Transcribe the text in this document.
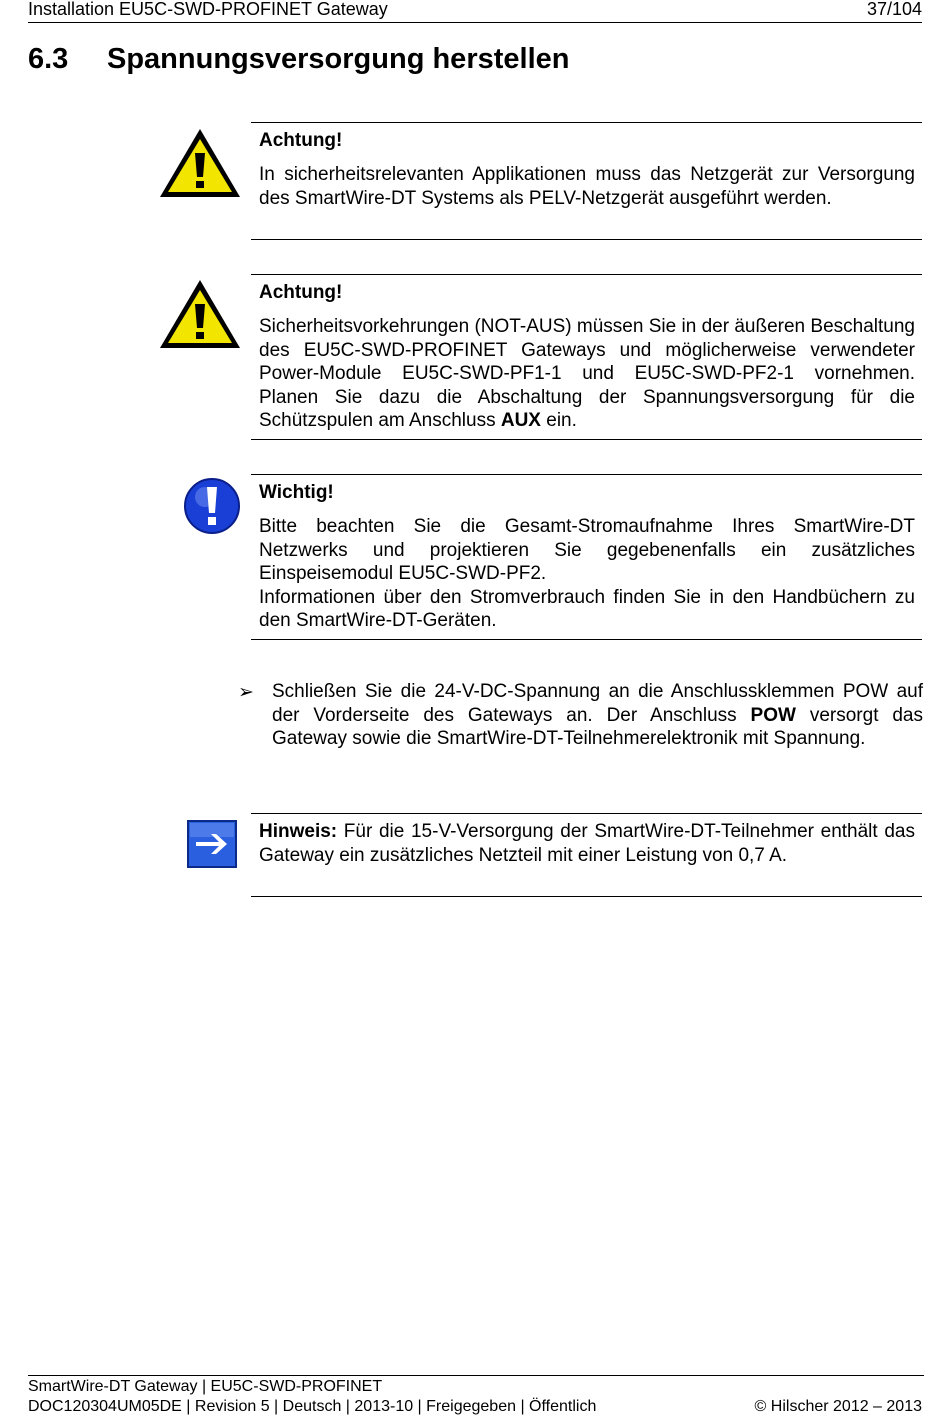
Installation EU5C-SWD-PROFINET Gateway	37/104
6.3 Spannungsversorgung herstellen
Achtung!
In sicherheitsrelevanten Applikationen muss das Netzgerät zur Versorgung des SmartWire-DT Systems als PELV-Netzgerät ausgeführt werden.
Achtung!
Sicherheitsvorkehrungen (NOT-AUS) müssen Sie in der äußeren Beschaltung des EU5C-SWD-PROFINET Gateways und möglicherweise verwendeter Power-Module EU5C-SWD-PF1-1 und EU5C-SWD-PF2-1 vornehmen. Planen Sie dazu die Abschaltung der Spannungsversorgung für die Schützspulen am Anschluss AUX ein.
Wichtig!

Bitte beachten Sie die Gesamt-Stromaufnahme Ihres SmartWire-DT Netzwerks und projektieren Sie gegebenenfalls ein zusätzliches Einspeisemodul EU5C-SWD-PF2.

Informationen über den Stromverbrauch finden Sie in den Handbüchern zu den SmartWire-DT-Geräten.

➢ Schließen Sie die 24-V-DC-Spannung an die Anschlussklemmen POW auf der Vorderseite des Gateways an. Der Anschluss POW versorgt das Gateway sowie die SmartWire-DT-Teilnehmerelektronik mit Spannung.
Hinweis: Für die 15-V-Versorgung der SmartWire-DT-Teilnehmer enthält das Gateway ein zusätzliches Netzteil mit einer Leistung von 0,7 A.
SmartWire-DT Gateway | EU5C-SWD-PROFINET
DOC120304UM05DE | Revision 5 | Deutsch | 2013-10 | Freigegeben | Öffentlich	© Hilscher 2012 – 2013
